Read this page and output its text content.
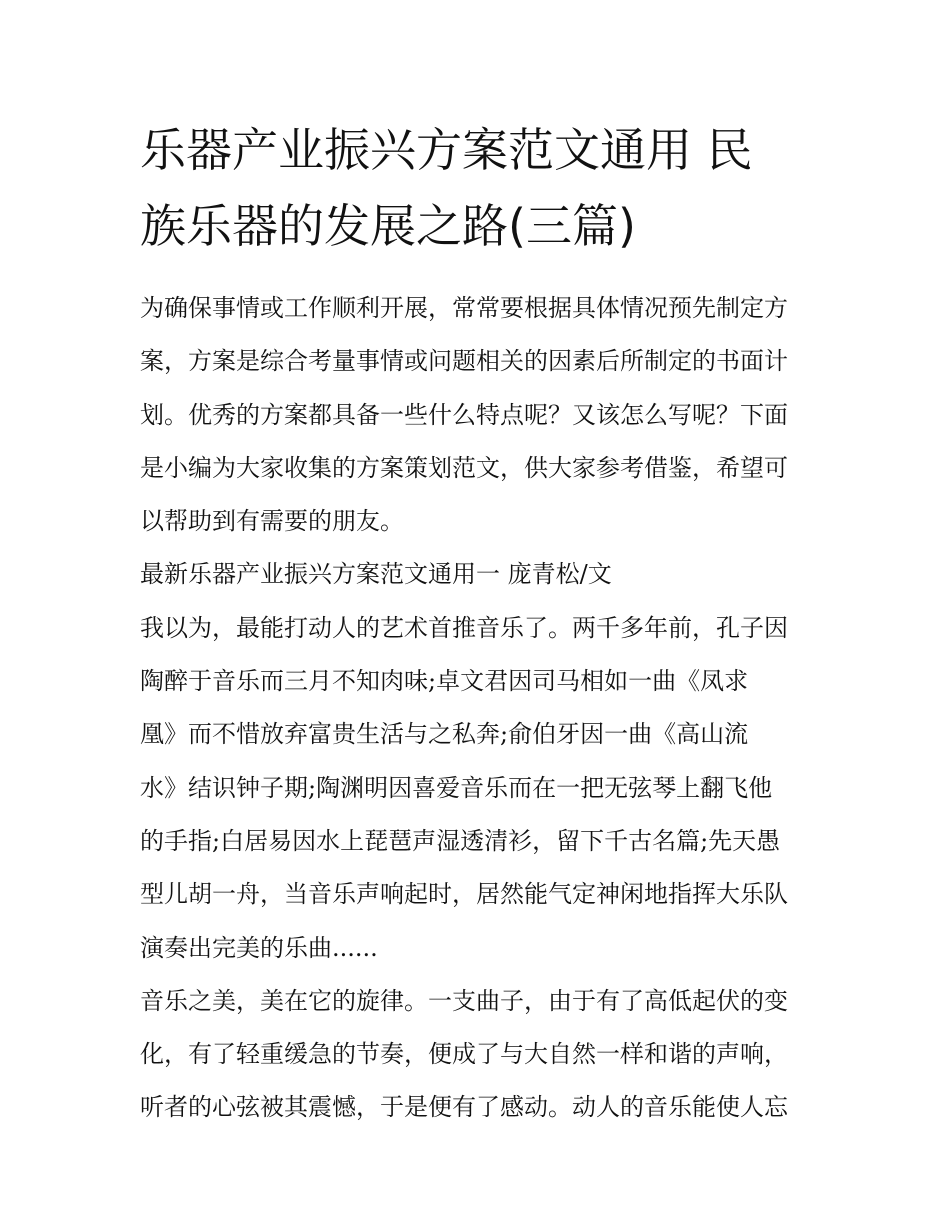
乐器产业振兴方案范文通用 民
族乐器的发展之路(三篇)
为确保事情或工作顺利开展，常常要根据具体情况预先制定方
案，方案是综合考量事情或问题相关的因素后所制定的书面计
划。优秀的方案都具备一些什么特点呢？又该怎么写呢？下面
是小编为大家收集的方案策划范文，供大家参考借鉴，希望可
以帮助到有需要的朋友。
最新乐器产业振兴方案范文通用一 庞青松/文
我以为，最能打动人的艺术首推音乐了。两千多年前，孔子因
陶醉于音乐而三月不知肉味;卓文君因司马相如一曲《凤求
凰》而不惜放弃富贵生活与之私奔;俞伯牙因一曲《高山流
水》结识钟子期;陶渊明因喜爱音乐而在一把无弦琴上翻飞他
的手指;白居易因水上琵琶声湿透清衫，留下千古名篇;先天愚
型儿胡一舟，当音乐声响起时，居然能气定神闲地指挥大乐队
演奏出完美的乐曲......
音乐之美，美在它的旋律。一支曲子，由于有了高低起伏的变
化，有了轻重缓急的节奏，便成了与大自然一样和谐的声响，
听者的心弦被其震憾，于是便有了感动。动人的音乐能使人忘
